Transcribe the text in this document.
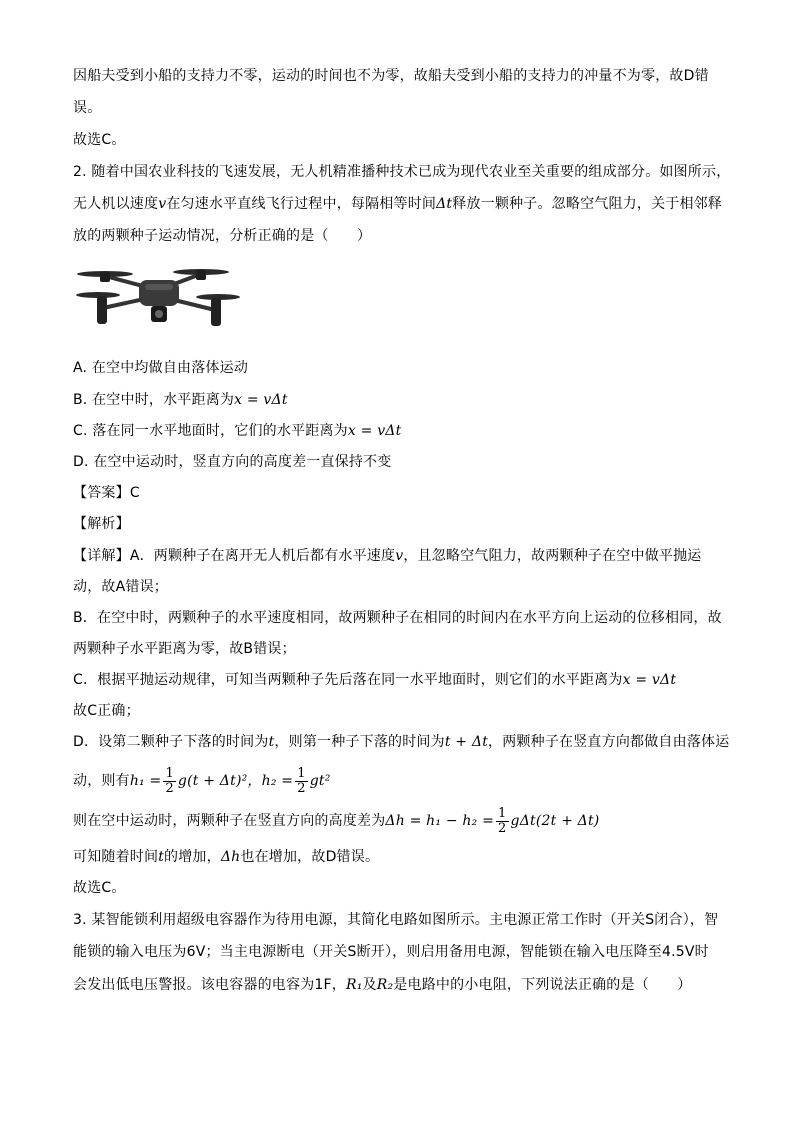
因船夫受到小船的支持力不零，运动的时间也不为零，故船夫受到小船的支持力的冲量不为零，故D错
误。
故选C。
2. 随着中国农业科技的飞速发展，无人机精准播种技术已成为现代农业至关重要的组成部分。如图所示，
无人机以速度v在匀速水平直线飞行过程中，每隔相等时间Δt释放一颗种子。忽略空气阻力，关于相邻释
放的两颗种子运动情况，分析正确的是（　　）
A. 在空中均做自由落体运动
B. 在空中时，水平距离为x = vΔt
C. 落在同一水平地面时，它们的水平距离为x = vΔt
D. 在空中运动时，竖直方向的高度差一直保持不变
【答案】C
【解析】
【详解】A．两颗种子在离开无人机后都有水平速度v，且忽略空气阻力，故两颗种子在空中做平抛运
动，故A错误；
B．在空中时，两颗种子的水平速度相同，故两颗种子在相同的时间内在水平方向上运动的位移相同，故
两颗种子水平距离为零，故B错误；
C．根据平抛运动规律，可知当两颗种子先后落在同一水平地面时，则它们的水平距离为x = vΔt
故C正确；
D．设第二颗种子下落的时间为t，则第一种子下落的时间为t + Δt，两颗种子在竖直方向都做自由落体运
动，则有$h_1 = \frac{1}{2} g(t + \Delta t)^2$，$h_2 = \frac{1}{2} gt^2$
则在空中运动时，两颗种子在竖直方向的高度差为$\Delta h = h_1 - h_2 = \frac{1}{2} g\Delta t(2t + \Delta t)$
可知随着时间t的增加，Δh也在增加，故D错误。
故选C。
3. 某智能锁利用超级电容器作为待用电源，其简化电路如图所示。主电源正常工作时（开关S闭合），智
能锁的输入电压为6V；当主电源断电（开关S断开），则启用备用电源，智能锁在输入电压降至4.5V时
会发出低电压警报。该电容器的电容为1F，R₁及R₂是电路中的小电阻，下列说法正确的是（　　）
